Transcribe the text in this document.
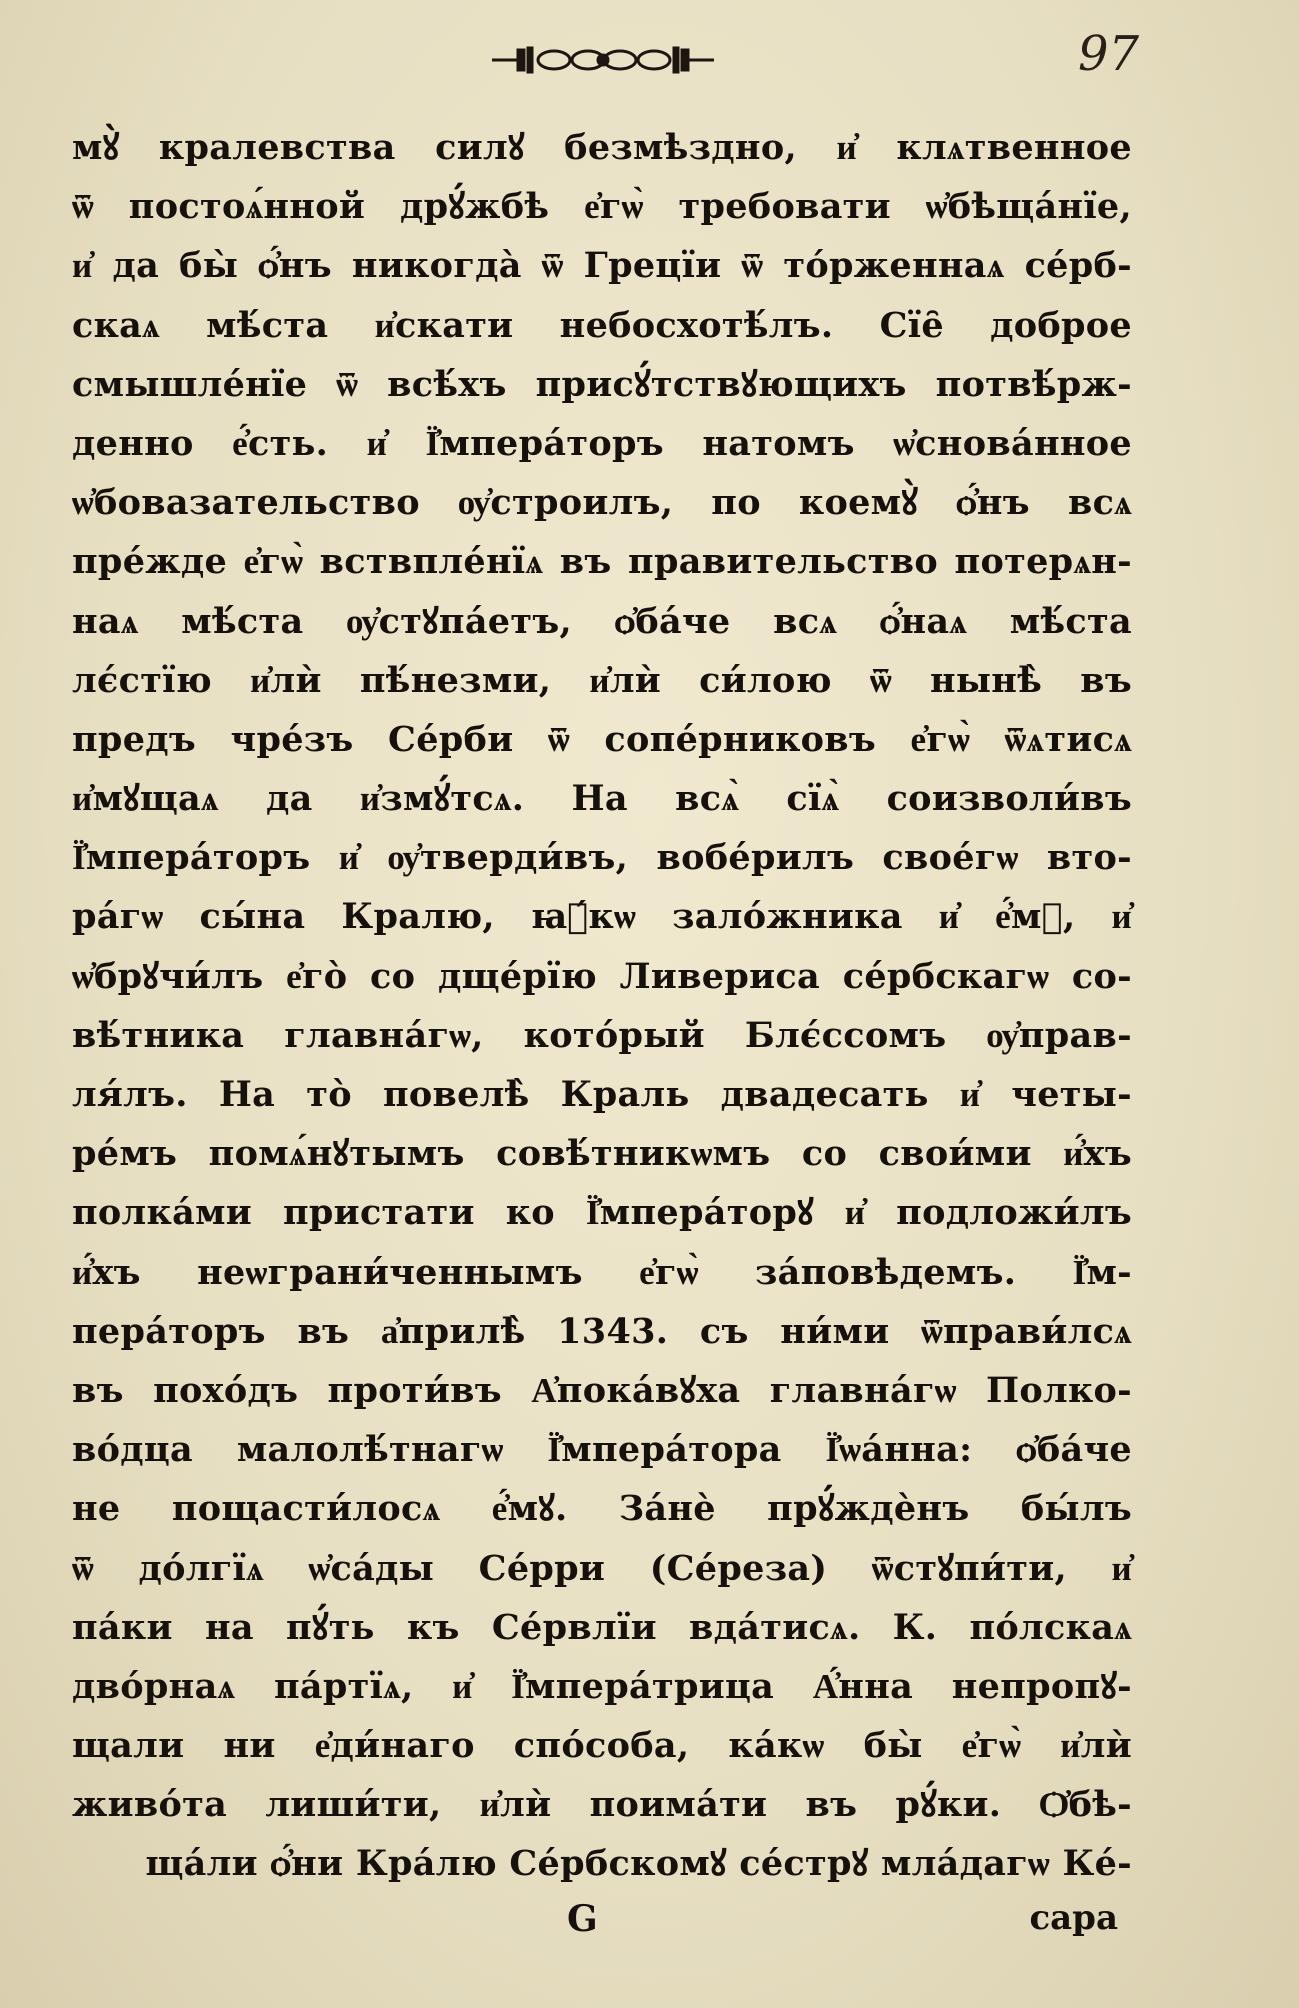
97
мꙋ̀ кралевства силꙋ безмѣздно, и҆ клѧтвенное
ѿ постоѧ́нной дрꙋ́жбѣ е҆гѡ̀ требовати ѡ҆бѣща́нїе,
и҆ да бы̀ ѻ҆́нъ никогда̀ ѿ Грецїи ѿ то́рженнаѧ се́рб-
скаѧ мѣ́ста и҆скати небосхотѣ́лъ. Сїе̑ доброе
смышле́нїе ѿ всѣ́хъ присꙋ́тствꙋющихъ потвѣ́рж-
денно е҆́сть. и҆ Ї҆мпера́торъ натомъ ѡ҆снова́нное
ѡ҆бовазательство ѹ҆строилъ, по коемꙋ̀ ѻ҆́нъ всѧ
пре́жде е҆гѡ̀ вствпле́нїѧ въ правительство потерѧн-
наѧ мѣ́ста ѹ҆стꙋпа́етъ, ѻ҆ба́че всѧ ѻ҆́наѧ мѣ́ста
лє́стїю и҆лѝ пѣ́незми, и҆лѝ си́лою ѿ нынѣ̀ въ
предъ чре́зъ Се́рби ѿ сопе́рниковъ е҆гѡ̀ ѿѧтисѧ
и҆мꙋщаѧ да и҆змꙋ́тсѧ. На всѧ̀ сїѧ̀ соизволи́въ
Ї҆мпера́торъ и҆ ѹ҆тверди́въ, вобе́рилъ свое́гѡ вто-
ра́гѡ сы́на Кралю, ꙗ҆́кѡ зало́жника и҆ е҆́мꙋ, и҆
ѡ҆брꙋчи́лъ е҆го̀ со дще́рїю Ливериса се́рбскагѡ со-
вѣ́тника главна́гѡ, кото́рый Блє́ссомъ ѹ҆прав-
ля́лъ. На то̀ повелѣ̀ Краль двадесать и҆ четы-
ре́мъ помѧ́нꙋтымъ совѣ́тникѡмъ со свои́ми и҆́хъ
полка́ми пристати ко Ї҆мпера́торꙋ и҆ подложи́лъ
и҆́хъ неѡграни́ченнымъ е҆гѡ̀ за́повѣдемъ. Ї҆м-
пера́торъ въ а҆прилѣ̀ 1343. съ ни́ми ѿправи́лсѧ
въ похо́дъ проти́въ А҆пока́вꙋха главна́гѡ Полко-
во́дца малолѣ́тнагѡ Ї҆мпера́тора Ї҆ѡа́нна: ѻ҆ба́че
не пощасти́лосѧ е҆́мꙋ. За́нѐ прꙋ́ждѐнъ бы́лъ
ѿ до́лгїѧ ѡ҆са́ды Се́рри (Се́реза) ѿстꙋпи́ти, и҆
па́ки на пꙋ́ть къ Се́рвлїи вда́тисѧ. К. по́лскаѧ
дво́рнаѧ па́ртїѧ, и҆ Ї҆мпера́трица А҆́нна непропꙋ-
щали ни е҆ди́наго спо́соба, ка́кѡ бы̀ е҆гѡ̀ и҆лѝ
живо́та лиши́ти, и҆лѝ поима́ти въ рꙋ́ки. Ѻ҆бѣ-
ща́ли ѻ҆́ни Кра́лю Се́рбскомꙋ се́стрꙋ мла́дагѡ Ке́-
G	сара
